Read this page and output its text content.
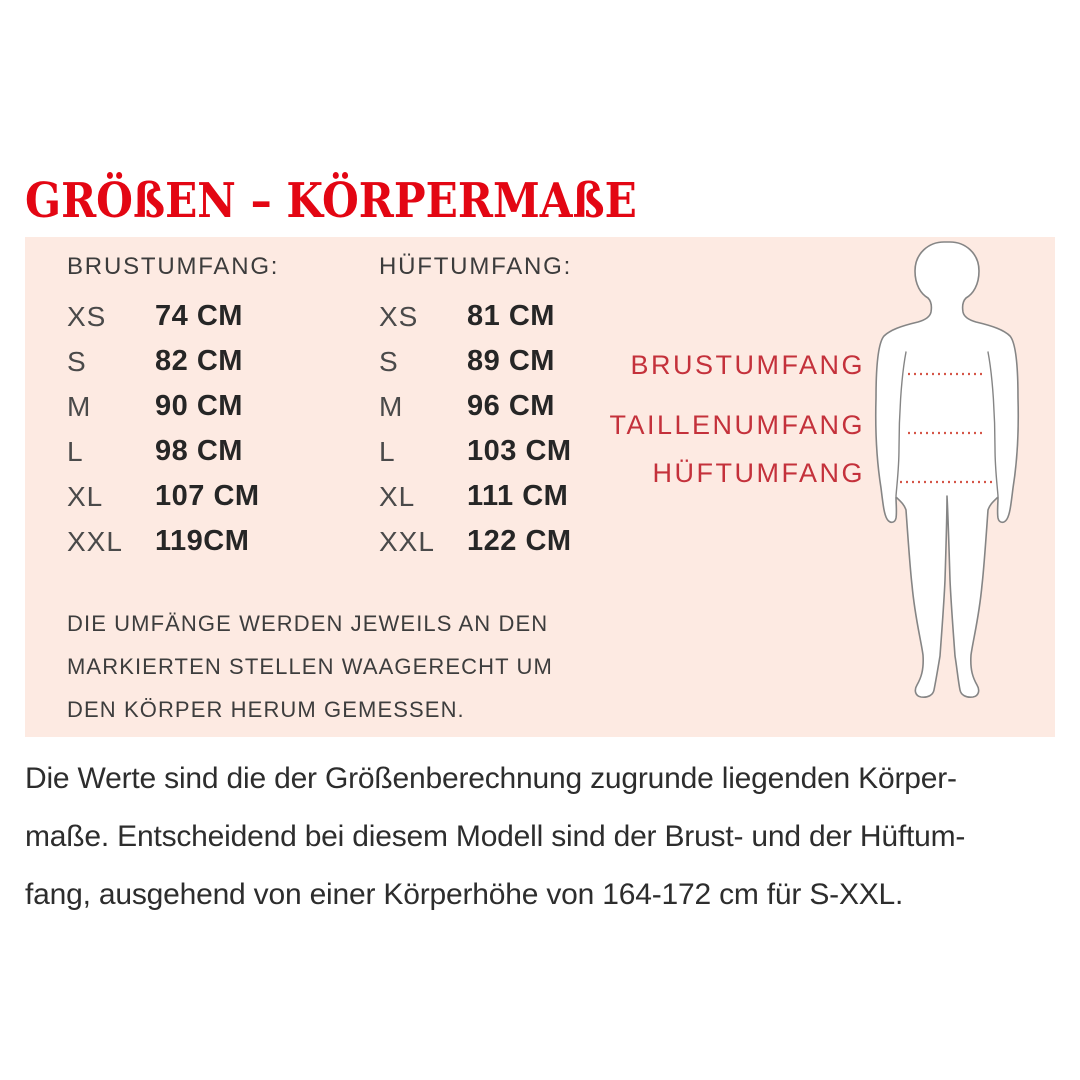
GRÖßEN – KÖRPERMAßE
BRUSTUMFANG:
XS	74 CM
S	82 CM
M	90 CM
L	98 CM
XL	107 CM
XXL	119CM
HÜFTUMFANG:
XS	81 CM
S	89 CM
M	96 CM
L	103 CM
XL	111 CM
XXL	122 CM
DIE UMFÄNGE WERDEN JEWEILS AN DEN
MARKIERTEN STELLEN WAAGERECHT UM
DEN KÖRPER HERUM GEMESSEN.
BRUSTUMFANG
TAILLENUMFANG
HÜFTUMFANG
Die Werte sind die der Größenberechnung zugrunde liegenden Körper-
maße. Entscheidend bei diesem Modell sind der Brust- und der Hüftum-
fang, ausgehend von einer Körperhöhe von 164-172 cm für S-XXL.
